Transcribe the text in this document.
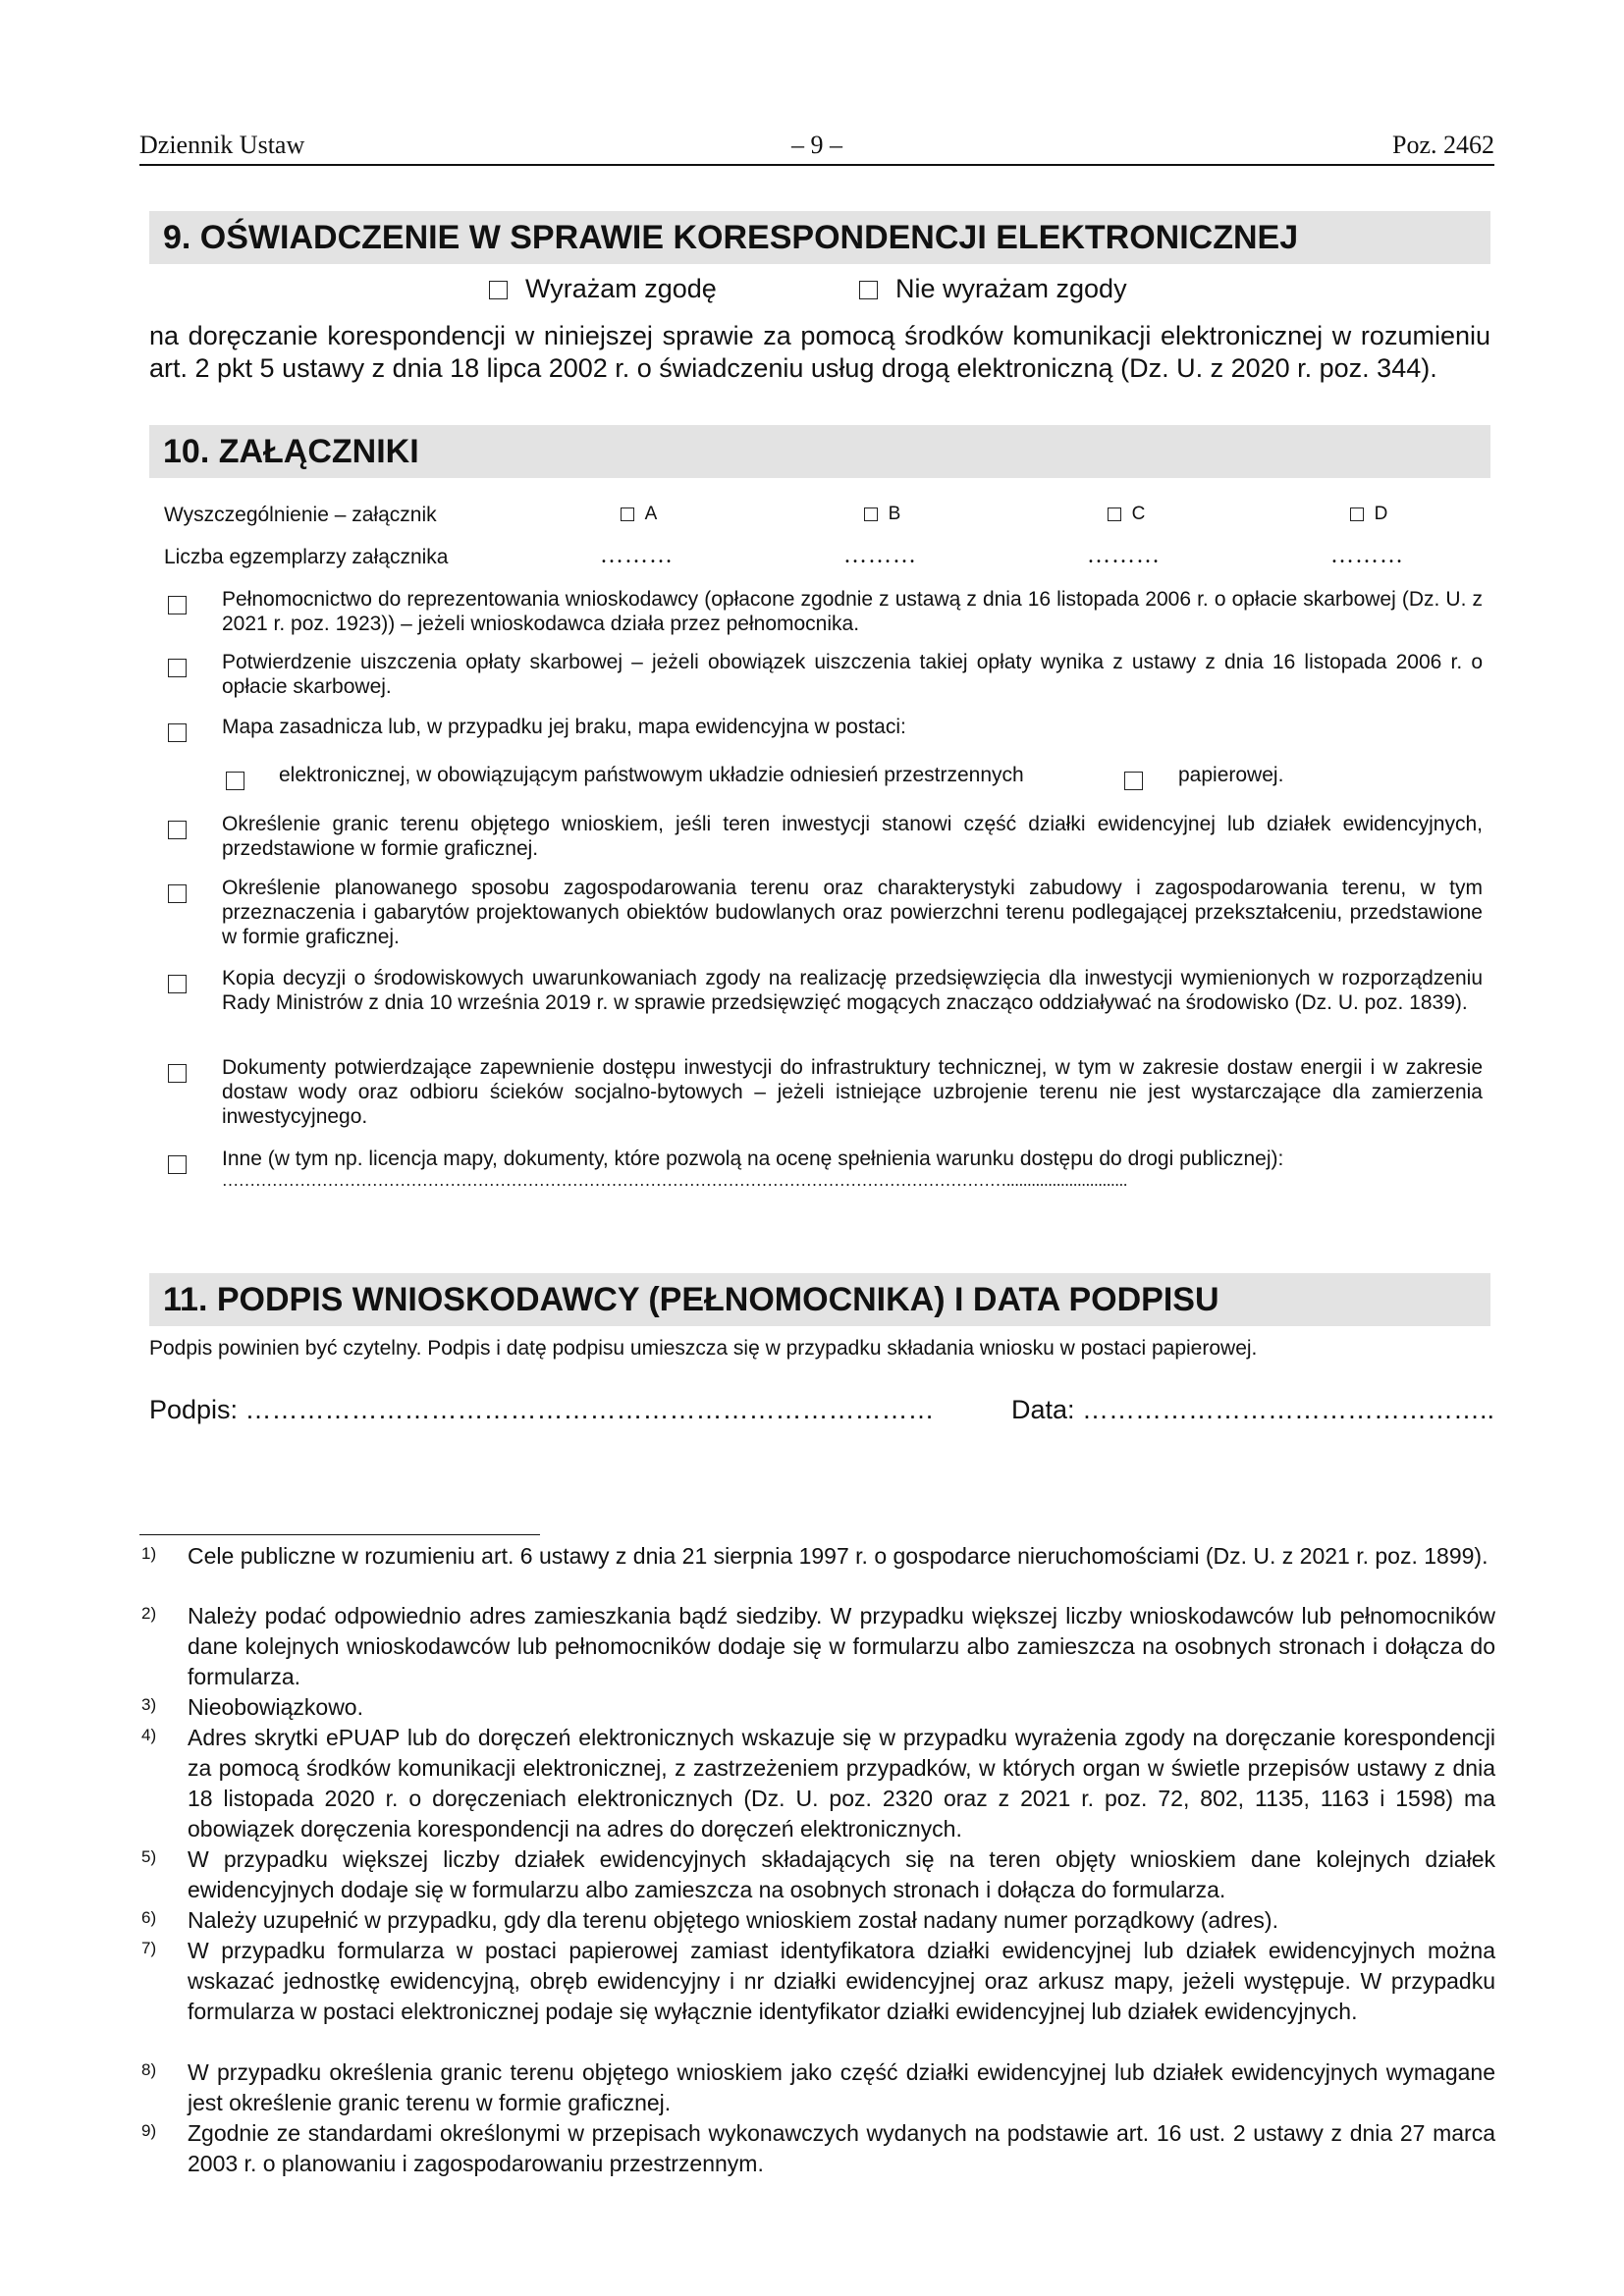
Dziennik Ustaw	– 9 –	Poz. 2462
9. OŚWIADCZENIE W SPRAWIE KORESPONDENCJI ELEKTRONICZNEJ
Wyrażam zgodę	Nie wyrażam zgody
na doręczanie korespondencji w niniejszej sprawie za pomocą środków komunikacji elektronicznej w rozumieniu art. 2 pkt 5 ustawy z dnia 18 lipca 2002 r. o świadczeniu usług drogą elektroniczną (Dz. U. z 2020 r. poz. 344).
10. ZAŁĄCZNIKI
Wyszczególnienie – załącznik	A	B	C	D
Liczba egzemplarzy załącznika	………	………	………	………
Pełnomocnictwo do reprezentowania wnioskodawcy (opłacone zgodnie z ustawą z dnia 16 listopada 2006 r. o opłacie skarbowej (Dz. U. z 2021 r. poz. 1923)) – jeżeli wnioskodawca działa przez pełnomocnika.
Potwierdzenie uiszczenia opłaty skarbowej – jeżeli obowiązek uiszczenia takiej opłaty wynika z ustawy z dnia 16 listopada 2006 r. o opłacie skarbowej.
Mapa zasadnicza lub, w przypadku jej braku, mapa ewidencyjna w postaci:
elektronicznej, w obowiązującym państwowym układzie odniesień przestrzennych	papierowej.
Określenie granic terenu objętego wnioskiem, jeśli teren inwestycji stanowi część działki ewidencyjnej lub działek ewidencyjnych, przedstawione w formie graficznej.
Określenie planowanego sposobu zagospodarowania terenu oraz charakterystyki zabudowy i zagospodarowania terenu, w tym przeznaczenia i gabarytów projektowanych obiektów budowlanych oraz powierzchni terenu podlegającej przekształceniu, przedstawione w formie graficznej.
Kopia decyzji o środowiskowych uwarunkowaniach zgody na realizację przedsięwzięcia dla inwestycji wymienionych w rozporządzeniu Rady Ministrów z dnia 10 września 2019 r. w sprawie przedsięwzięć mogących znacząco oddziaływać na środowisko (Dz. U. poz. 1839).
Dokumenty potwierdzające zapewnienie dostępu inwestycji do infrastruktury technicznej, w tym w zakresie dostaw energii i w zakresie dostaw wody oraz odbioru ścieków socjalno-bytowych – jeżeli istniejące uzbrojenie terenu nie jest wystarczające dla zamierzenia inwestycyjnego.
Inne (w tym np. licencja mapy, dokumenty, które pozwolą na ocenę spełnienia warunku dostępu do drogi publicznej):
…………………………………………………………………………………………………………………………….............................
11. PODPIS WNIOSKODAWCY (PEŁNOMOCNIKA) I DATA PODPISU
Podpis powinien być czytelny. Podpis i datę podpisu umieszcza się w przypadku składania wniosku w postaci papierowej.
Podpis: ……………………………………………………………………	Data: ………………………………………..
1) Cele publiczne w rozumieniu art. 6 ustawy z dnia 21 sierpnia 1997 r. o gospodarce nieruchomościami (Dz. U. z 2021 r. poz. 1899).
2) Należy podać odpowiednio adres zamieszkania bądź siedziby. W przypadku większej liczby wnioskodawców lub pełnomocników dane kolejnych wnioskodawców lub pełnomocników dodaje się w formularzu albo zamieszcza na osobnych stronach i dołącza do formularza.
3) Nieobowiązkowo.
4) Adres skrytki ePUAP lub do doręczeń elektronicznych wskazuje się w przypadku wyrażenia zgody na doręczanie korespondencji za pomocą środków komunikacji elektronicznej, z zastrzeżeniem przypadków, w których organ w świetle przepisów ustawy z dnia 18 listopada 2020 r. o doręczeniach elektronicznych (Dz. U. poz. 2320 oraz z 2021 r. poz. 72, 802, 1135, 1163 i 1598) ma obowiązek doręczenia korespondencji na adres do doręczeń elektronicznych.
5) W przypadku większej liczby działek ewidencyjnych składających się na teren objęty wnioskiem dane kolejnych działek ewidencyjnych dodaje się w formularzu albo zamieszcza na osobnych stronach i dołącza do formularza.
6) Należy uzupełnić w przypadku, gdy dla terenu objętego wnioskiem został nadany numer porządkowy (adres).
7) W przypadku formularza w postaci papierowej zamiast identyfikatora działki ewidencyjnej lub działek ewidencyjnych można wskazać jednostkę ewidencyjną, obręb ewidencyjny i nr działki ewidencyjnej oraz arkusz mapy, jeżeli występuje. W przypadku formularza w postaci elektronicznej podaje się wyłącznie identyfikator działki ewidencyjnej lub działek ewidencyjnych.
8) W przypadku określenia granic terenu objętego wnioskiem jako część działki ewidencyjnej lub działek ewidencyjnych wymagane jest określenie granic terenu w formie graficznej.
9) Zgodnie ze standardami określonymi w przepisach wykonawczych wydanych na podstawie art. 16 ust. 2 ustawy z dnia 27 marca 2003 r. o planowaniu i zagospodarowaniu przestrzennym.
